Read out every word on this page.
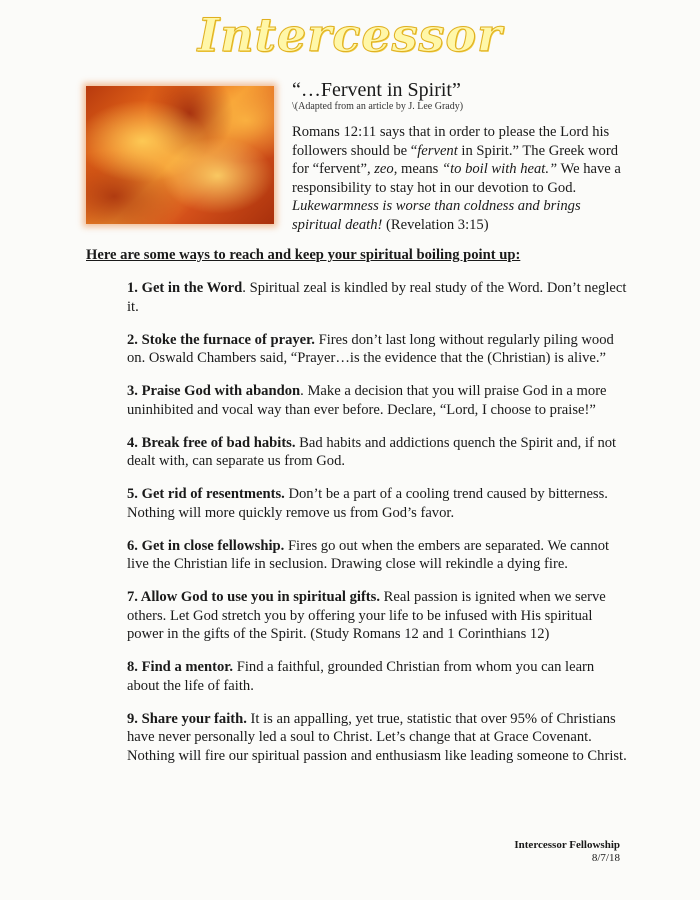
Intercessor
“…Fervent in Spirit”
\(Adapted from an article by J. Lee Grady)
Romans 12:11 says that in order to please the Lord his followers should be “fervent in Spirit.” The Greek word for “fervent”, zeo, means “to boil with heat.” We have a responsibility to stay hot in our devotion to God. Lukewarmness is worse than coldness and brings spiritual death! (Revelation 3:15)
Here are some ways to reach and keep your spiritual boiling point up:

1. Get in the Word. Spiritual zeal is kindled by real study of the Word. Don’t neglect it.

2. Stoke the furnace of prayer. Fires don’t last long without regularly piling wood on. Oswald Chambers said, “Prayer…is the evidence that the (Christian) is alive.”

3. Praise God with abandon. Make a decision that you will praise God in a more uninhibited and vocal way than ever before. Declare, “Lord, I choose to praise!”

4. Break free of bad habits. Bad habits and addictions quench the Spirit and, if not dealt with, can separate us from God.

5. Get rid of resentments. Don’t be a part of a cooling trend caused by bitterness. Nothing will more quickly remove us from God’s favor.

6. Get in close fellowship. Fires go out when the embers are separated. We cannot live the Christian life in seclusion. Drawing close will rekindle a dying fire.

7. Allow God to use you in spiritual gifts. Real passion is ignited when we serve others. Let God stretch you by offering your life to be infused with His spiritual power in the gifts of the Spirit. (Study Romans 12 and 1 Corinthians 12)

8. Find a mentor. Find a faithful, grounded Christian from whom you can learn about the life of faith.

9. Share your faith. It is an appalling, yet true, statistic that over 95% of Christians have never personally led a soul to Christ. Let’s change that at Grace Covenant. Nothing will fire our spiritual passion and enthusiasm like leading someone to Christ.

Intercessor Fellowship
8/7/18
